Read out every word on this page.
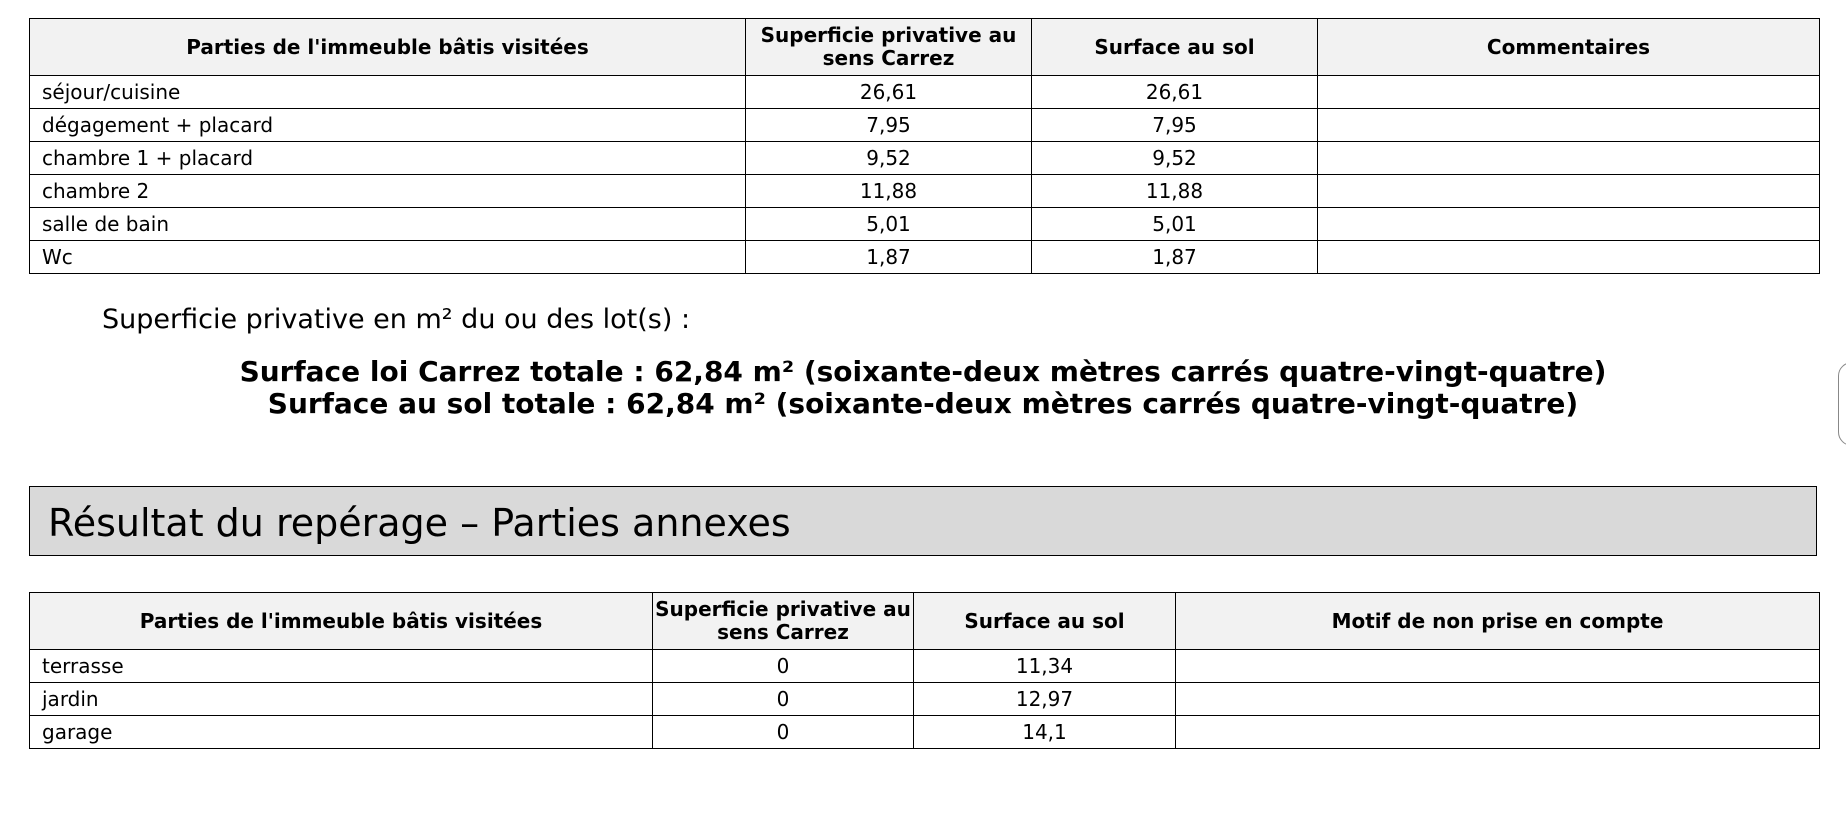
Parties de l'immeuble bâtis visitées	Superficie privative au sens Carrez	Surface au sol	Commentaires
séjour/cuisine	26,61	26,61	
dégagement + placard	7,95	7,95	
chambre 1 + placard	9,52	9,52	
chambre 2	11,88	11,88	
salle de bain	5,01	5,01	
Wc	1,87	1,87	
Superficie privative en m² du ou des lot(s) :
Surface loi Carrez totale : 62,84 m² (soixante-deux mètres carrés quatre-vingt-quatre)
Surface au sol totale : 62,84 m² (soixante-deux mètres carrés quatre-vingt-quatre)
Résultat du repérage – Parties annexes
Parties de l'immeuble bâtis visitées	Superficie privative au sens Carrez	Surface au sol	Motif de non prise en compte
terrasse	0	11,34	
jardin	0	12,97	
garage	0	14,1	
